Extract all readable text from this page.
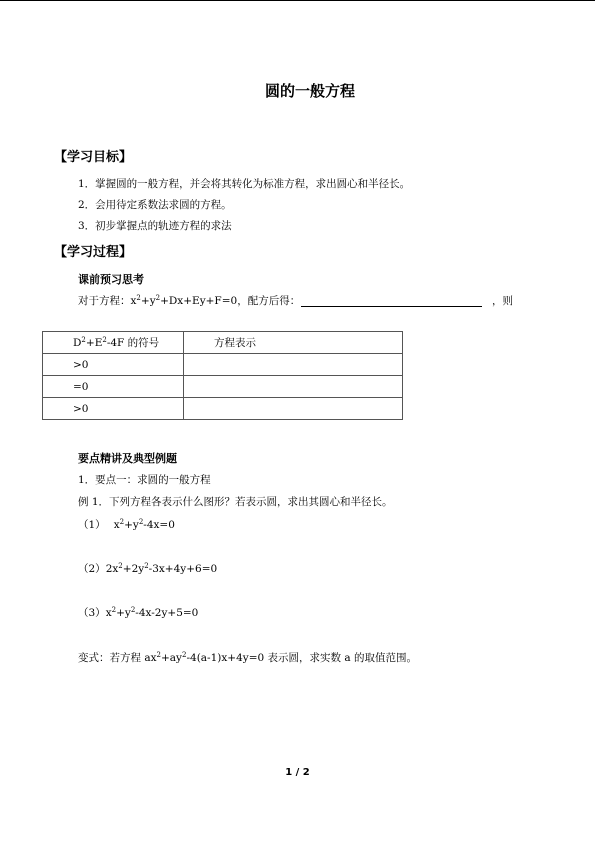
圆的一般方程
【学习目标】
1．掌握圆的一般方程，并会将其转化为标准方程，求出圆心和半径长。
2．会用待定系数法求圆的方程。
3．初步掌握点的轨迹方程的求法
【学习过程】
课前预习思考
对于方程：$x^2+y^2+Dx+Ey+F=0$，配方后得：	，则
$D^2+E^2-4F$ 的符号	方程表示
>0	
=0	
>0	
要点精讲及典型例题
1．要点一：求圆的一般方程
例 1．下列方程各表示什么图形？若表示圆，求出其圆心和半径长。
（1） $x^2+y^2-4x=0$
$(2)2x^2+2y^2-3x+4y+6=0$
$(3)x^2+y^2-4x-2y+5=0$
变式：若方程 $ax^2+ay^2-4(a-1)x+4y=0$ 表示圆，求实数 a 的取值范围。
1 / 2
